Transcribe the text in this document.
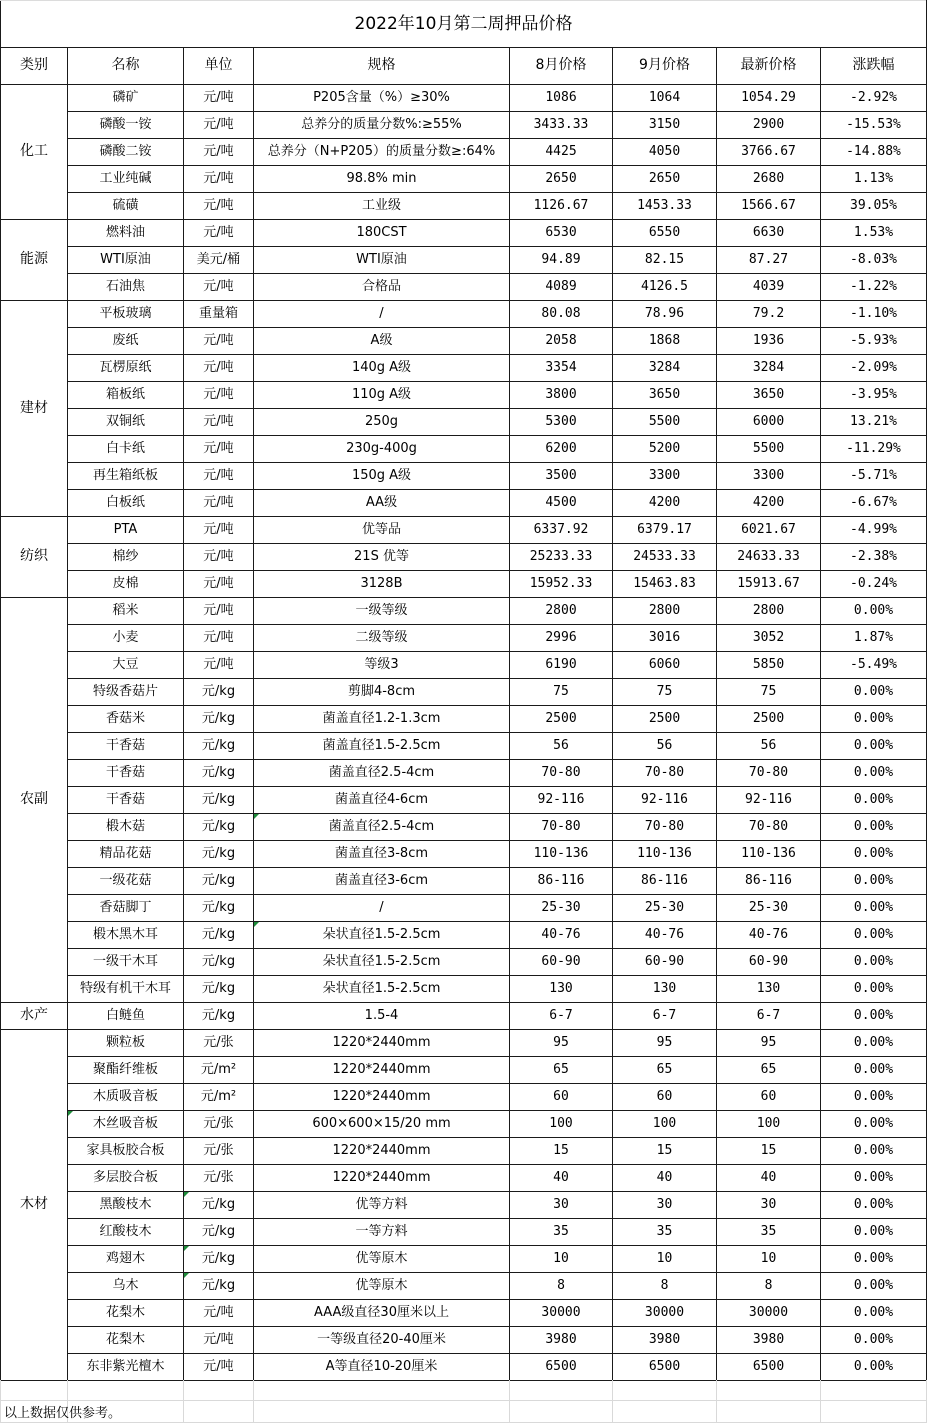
2022年10月第二周押品价格							
类别	名称	单位	规格	8月价格	9月价格	最新价格	涨跌幅
化工	磷矿	元/吨	P205含量（%）≥30%	1086	1064	1054.29	-2.92%
	磷酸一铵	元/吨	总养分的质量分数%:≥55%	3433.33	3150	2900	-15.53%
	磷酸二铵	元/吨	总养分（N+P205）的质量分数≥:64%	4425	4050	3766.67	-14.88%
	工业纯碱	元/吨	98.8% min	2650	2650	2680	1.13%
	硫磺	元/吨	工业级	1126.67	1453.33	1566.67	39.05%
能源	燃料油	元/吨	180CST	6530	6550	6630	1.53%
	WTI原油	美元/桶	WTI原油	94.89	82.15	87.27	-8.03%
	石油焦	元/吨	合格品	4089	4126.5	4039	-1.22%
建材	平板玻璃	重量箱	/	80.08	78.96	79.2	-1.10%
	废纸	元/吨	A级	2058	1868	1936	-5.93%
	瓦楞原纸	元/吨	140g A级	3354	3284	3284	-2.09%
	箱板纸	元/吨	110g A级	3800	3650	3650	-3.95%
	双铜纸	元/吨	250g	5300	5500	6000	13.21%
	白卡纸	元/吨	230g-400g	6200	5200	5500	-11.29%
	再生箱纸板	元/吨	150g A级	3500	3300	3300	-5.71%
	白板纸	元/吨	AA级	4500	4200	4200	-6.67%
纺织	PTA	元/吨	优等品	6337.92	6379.17	6021.67	-4.99%
	棉纱	元/吨	21S 优等	25233.33	24533.33	24633.33	-2.38%
	皮棉	元/吨	3128B	15952.33	15463.83	15913.67	-0.24%
农副	稻米	元/吨	一级等级	2800	2800	2800	0.00%
	小麦	元/吨	二级等级	2996	3016	3052	1.87%
	大豆	元/吨	等级3	6190	6060	5850	-5.49%
	特级香菇片	元/kg	剪脚4-8cm	75	75	75	0.00%
	香菇米	元/kg	菌盖直径1.2-1.3cm	2500	2500	2500	0.00%
	干香菇	元/kg	菌盖直径1.5-2.5cm	56	56	56	0.00%
	干香菇	元/kg	菌盖直径2.5-4cm	70-80	70-80	70-80	0.00%
	干香菇	元/kg	菌盖直径4-6cm	92-116	92-116	92-116	0.00%
	椴木菇	元/kg	菌盖直径2.5-4cm	70-80	70-80	70-80	0.00%
	精品花菇	元/kg	菌盖直径3-8cm	110-136	110-136	110-136	0.00%
	一级花菇	元/kg	菌盖直径3-6cm	86-116	86-116	86-116	0.00%
	香菇脚丁	元/kg	/	25-30	25-30	25-30	0.00%
	椴木黑木耳	元/kg	朵状直径1.5-2.5cm	40-76	40-76	40-76	0.00%
	一级干木耳	元/kg	朵状直径1.5-2.5cm	60-90	60-90	60-90	0.00%
	特级有机干木耳	元/kg	朵状直径1.5-2.5cm	130	130	130	0.00%
水产	白鲢鱼	元/kg	1.5-4	6-7	6-7	6-7	0.00%
木材	颗粒板	元/张	1220*2440mm	95	95	95	0.00%
	聚酯纤维板	元/m²	1220*2440mm	65	65	65	0.00%
	木质吸音板	元/m²	1220*2440mm	60	60	60	0.00%
	木丝吸音板	元/张	600×600×15/20 mm	100	100	100	0.00%
	家具板胶合板	元/张	1220*2440mm	15	15	15	0.00%
	多层胶合板	元/张	1220*2440mm	40	40	40	0.00%
	黑酸枝木	元/kg	优等方料	30	30	30	0.00%
	红酸枝木	元/kg	一等方料	35	35	35	0.00%
	鸡翅木	元/kg	优等原木	10	10	10	0.00%
	乌木	元/kg	优等原木	8	8	8	0.00%
	花梨木	元/吨	AAA级直径30厘米以上	30000	30000	30000	0.00%
	花梨木	元/吨	一等级直径20-40厘米	3980	3980	3980	0.00%
	东非紫光檀木	元/吨	A等直径10-20厘米	6500	6500	6500	0.00%
以上数据仅供参考。
